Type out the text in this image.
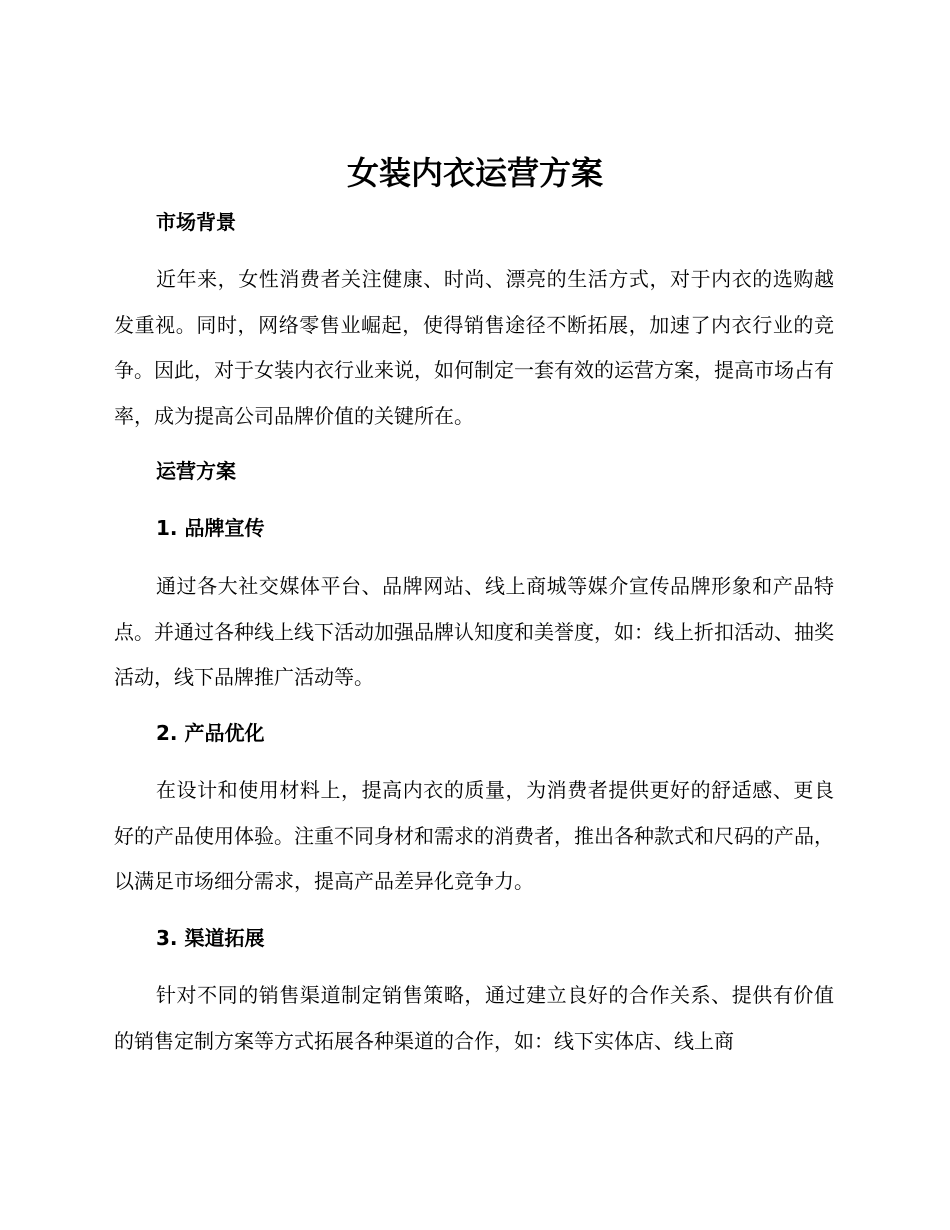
女装内衣运营方案
市场背景

近年来，女性消费者关注健康、时尚、漂亮的生活方式，对于内衣的选购越发重视。同时，网络零售业崛起，使得销售途径不断拓展，加速了内衣行业的竞争。因此，对于女装内衣行业来说，如何制定一套有效的运营方案，提高市场占有率，成为提高公司品牌价值的关键所在。

运营方案
1. 品牌宣传

通过各大社交媒体平台、品牌网站、线上商城等媒介宣传品牌形象和产品特点。并通过各种线上线下活动加强品牌认知度和美誉度，如：线上折扣活动、抽奖活动，线下品牌推广活动等。

2. 产品优化

在设计和使用材料上，提高内衣的质量，为消费者提供更好的舒适感、更良好的产品使用体验。注重不同身材和需求的消费者，推出各种款式和尺码的产品，以满足市场细分需求，提高产品差异化竞争力。

3. 渠道拓展

针对不同的销售渠道制定销售策略，通过建立良好的合作关系、提供有价值的销售定制方案等方式拓展各种渠道的合作，如：线下实体店、线上商
